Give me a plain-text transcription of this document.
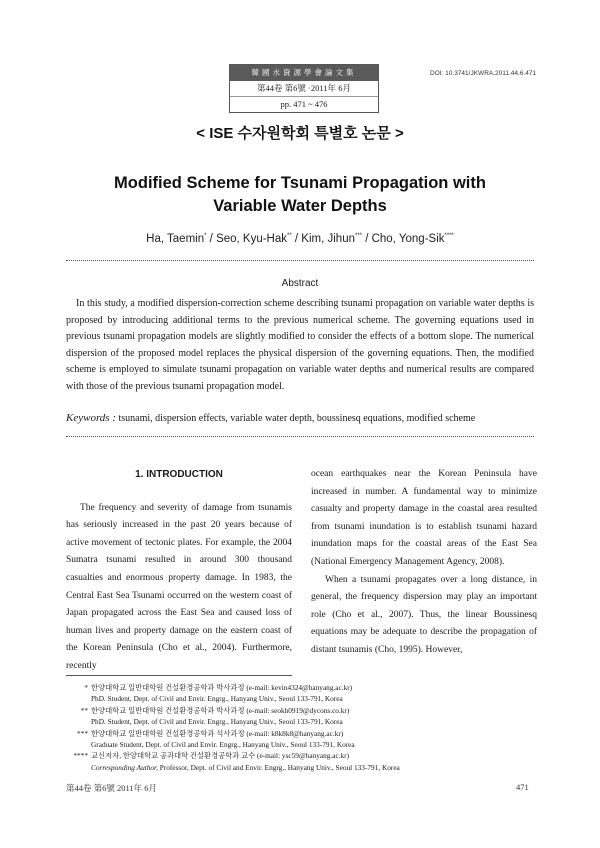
韓國水資源學會論文集
第44卷 第6號 ·2011年 6月
pp. 471 ~ 476
DOI: 10.3741/JKWRA.2011.44.6.471
< ISE 수자원학회 특별호 논문 >
Modified Scheme for Tsunami Propagation with
Variable Water Depths
Ha, Taemin* / Seo, Kyu-Hak** / Kim, Jihun*** / Cho, Yong-Sik****
Abstract
In this study, a modified dispersion-correction scheme describing tsunami propagation on variable water depths is proposed by introducing additional terms to the previous numerical scheme. The governing equations used in previous tsunami propagation models are slightly modified to consider the effects of a bottom slope. The numerical dispersion of the proposed model replaces the physical dispersion of the governing equations. Then, the modified scheme is employed to simulate tsunami propagation on variable water depths and numerical results are compared with those of the previous tsunami propagation model.
Keywords : tsunami, dispersion effects, variable water depth, boussinesq equations, modified scheme
1. INTRODUCTION

The frequency and severity of damage from tsunamis has seriously increased in the past 20 years because of active movement of tectonic plates. For example, the 2004 Sumatra tsunami resulted in around 300 thousand casualties and enormous property damage. In 1983, the Central East Sea Tsunami occurred on the western coast of Japan propagated across the East Sea and caused loss of human lives and property damage on the eastern coast of the Korean Peninsula (Cho et al., 2004). Furthermore, recently

ocean earthquakes near the Korean Peninsula have increased in number. A fundamental way to minimize casualty and property damage in the coastal area resulted from tsunami inundation is to establish tsunami hazard inundation maps for the coastal areas of the East Sea (National Emergency Management Agency, 2008).

When a tsunami propagates over a long distance, in general, the frequency dispersion may play an important role (Cho et al., 2007). Thus, the linear Boussinesq equations may be adequate to describe the propagation of distant tsunamis (Cho, 1995). However,

* 한양대학교 일반대학원 건설환경공학과 박사과정 (e-mail: kevin4324@hanyang.ac.kr)
PhD. Student, Dept. of Civil and Envir. Engrg., Hanyang Univ., Seoul 133-791, Korea
** 한양대학교 일반대학원 건설환경공학과 박사과정 (e-mail: seokh0919@dycons.co.kr)
PhD. Student, Dept. of Civil and Envir. Engrg., Hanyang Univ., Seoul 133-791, Korea
*** 한양대학교 일반대학원 건설환경공학과 석사과정 (e-mail: k8k8k8@hanyang.ac.kr)
Graduate Student, Dept. of Civil and Envir. Engrg., Hanyang Univ., Seoul 133-791, Korea
**** 교신저자, 한양대학교 공과대학 건설환경공학과 교수 (e-mail: ysc59@hanyang.ac.kr)
Corresponding Author, Professor, Dept. of Civil and Envir. Engrg., Hanyang Univ., Seoul 133-791, Korea
第44卷 第6號 2011年 6月	471
